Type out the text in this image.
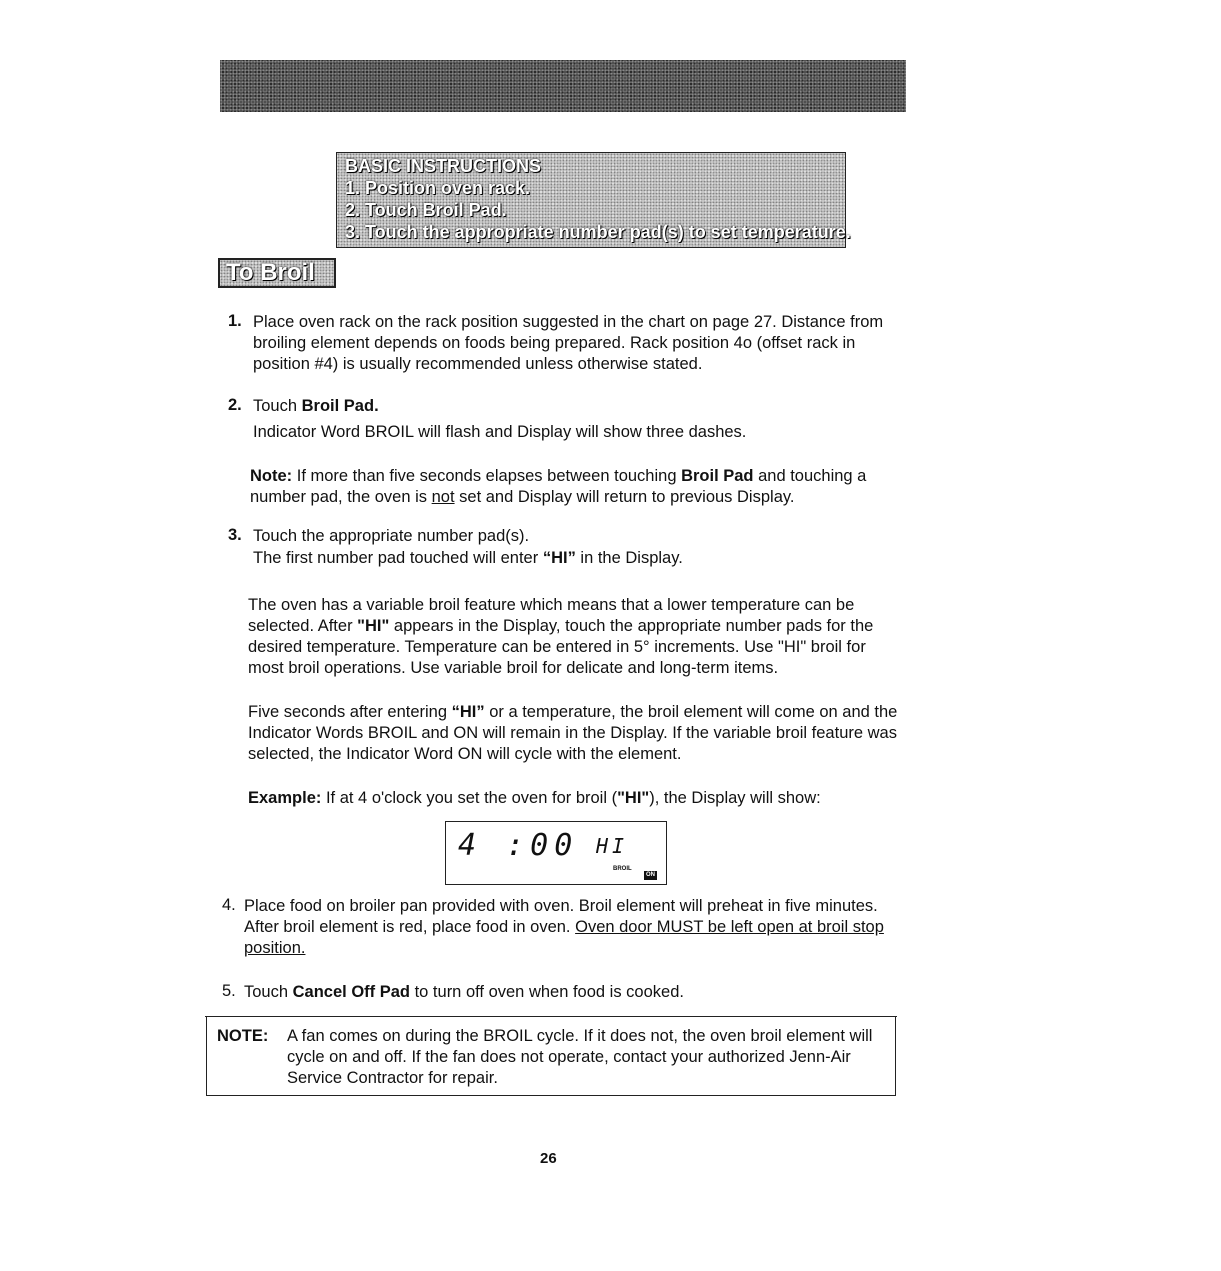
BASIC INSTRUCTIONS
1. Position oven rack.
2. Touch Broil Pad.
3. Touch the appropriate number pad(s) to set temperature.
To Broil
1. Place oven rack on the rack position suggested in the chart on page 27. Distance from broiling element depends on foods being prepared. Rack position 4o (offset rack in position #4) is usually recommended unless otherwise stated.
2. Touch Broil Pad.
Indicator Word BROIL will flash and Display will show three dashes.
Note: If more than five seconds elapses between touching Broil Pad and touching a number pad, the oven is not set and Display will return to previous Display.
3. Touch the appropriate number pad(s).
The first number pad touched will enter “HI” in the Display.
The oven has a variable broil feature which means that a lower temperature can be selected. After "HI" appears in the Display, touch the appropriate number pads for the desired temperature. Temperature can be entered in 5° increments. Use "HI" broil for most broil operations. Use variable broil for delicate and long-term items.
Five seconds after entering “HI” or a temperature, the broil element will come on and the Indicator Words BROIL and ON will remain in the Display. If the variable broil feature was selected, the Indicator Word ON will cycle with the element.
Example: If at 4 o'clock you set the oven for broil ("HI"), the Display will show:
4 :00 HI
BROIL
ON
4. Place food on broiler pan provided with oven. Broil element will preheat in five minutes. After broil element is red, place food in oven. Oven door MUST be left open at broil stop position.
5. Touch Cancel Off Pad to turn off oven when food is cooked.
NOTE: A fan comes on during the BROIL cycle. If it does not, the oven broil element will cycle on and off. If the fan does not operate, contact your authorized Jenn-Air Service Contractor for repair.
26
